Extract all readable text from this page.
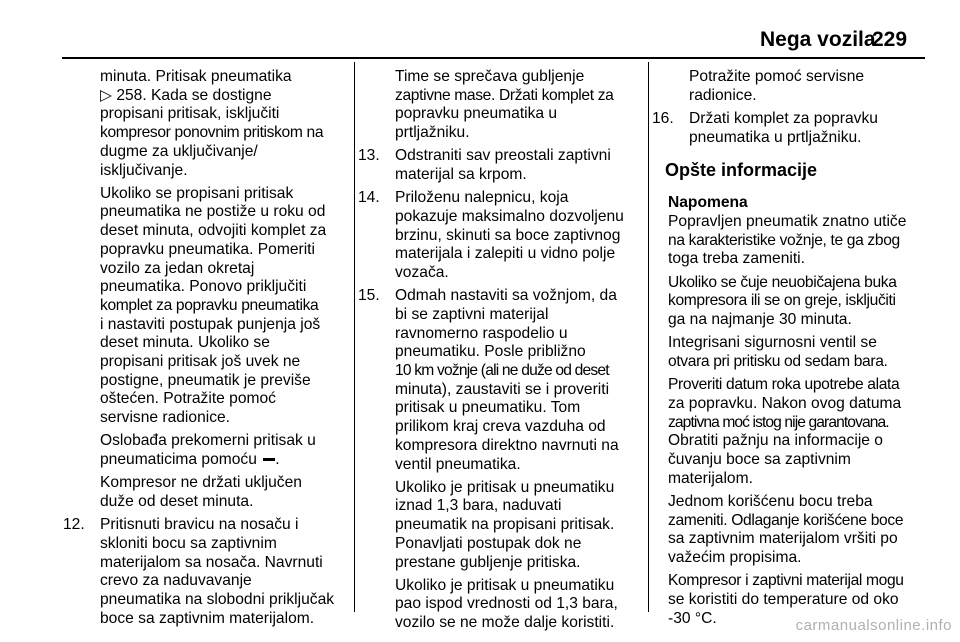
Nega vozila
229

minuta. Pritisak pneumatika
▷ 258. Kada se dostigne
propisani pritisak, isključiti
kompresor ponovnim pritiskom na
dugme za uključivanje/
isključivanje.

Ukoliko se propisani pritisak
pneumatika ne postiže u roku od
deset minuta, odvojiti komplet za
popravku pneumatika. Pomeriti
vozilo za jedan okretaj
pneumatika. Ponovo priključiti
komplet za popravku pneumatika
i nastaviti postupak punjenja još
deset minuta. Ukoliko se
propisani pritisak još uvek ne
postigne, pneumatik je previše
oštećen. Potražite pomoć
servisne radionice.

Oslobađa prekomerni pritisak u
pneumaticima pomoću .

Kompresor ne držati uključen
duže od deset minuta.

12. Pritisnuti bravicu na nosaču i
skloniti bocu sa zaptivnim
materijalom sa nosača. Navrnuti
crevo za naduvavanje
pneumatika na slobodni priključak
boce sa zaptivnim materijalom.

Time se sprečava gubljenje
zaptivne mase. Držati komplet za
popravku pneumatika u
prtljažniku.

13. Odstraniti sav preostali zaptivni
materijal sa krpom.
14. Priloženu nalepnicu, koja
pokazuje maksimalno dozvoljenu
brzinu, skinuti sa boce zaptivnog
materijala i zalepiti u vidno polje
vozača.
15. Odmah nastaviti sa vožnjom, da
bi se zaptivni materijal
ravnomerno raspodelio u
pneumatiku. Posle približno
10 km vožnje (ali ne duže od deset
minuta), zaustaviti se i proveriti
pritisak u pneumatiku. Tom
prilikom kraj creva vazduha od
kompresora direktno navrnuti na
ventil pneumatika.

Ukoliko je pritisak u pneumatiku
iznad 1,3 bara, naduvati
pneumatik na propisani pritisak.
Ponavljati postupak dok ne
prestane gubljenje pritiska.

Ukoliko je pritisak u pneumatiku
pao ispod vrednosti od 1,3 bara,
vozilo se ne može dalje koristiti.

Potražite pomoć servisne
radionice.

16. Držati komplet za popravku
pneumatika u prtljažniku.
Opšte informacije
Napomena

Popravljen pneumatik znatno utiče
na karakteristike vožnje, te ga zbog
toga treba zameniti.

Ukoliko se čuje neuobičajena buka
kompresora ili se on greje, isključiti
ga na najmanje 30 minuta.

Integrisani sigurnosni ventil se
otvara pri pritisku od sedam bara.

Proveriti datum roka upotrebe alata
za popravku. Nakon ovog datuma
zaptivna moć istog nije garantovana.
Obratiti pažnju na informacije o
čuvanju boce sa zaptivnim
materijalom.

Jednom korišćenu bocu treba
zameniti. Odlaganje korišćene boce
sa zaptivnim materijalom vršiti po
važećim propisima.

Kompresor i zaptivni materijal mogu
se koristiti do temperature od oko
-30 °C.	carmanualsonline.info
